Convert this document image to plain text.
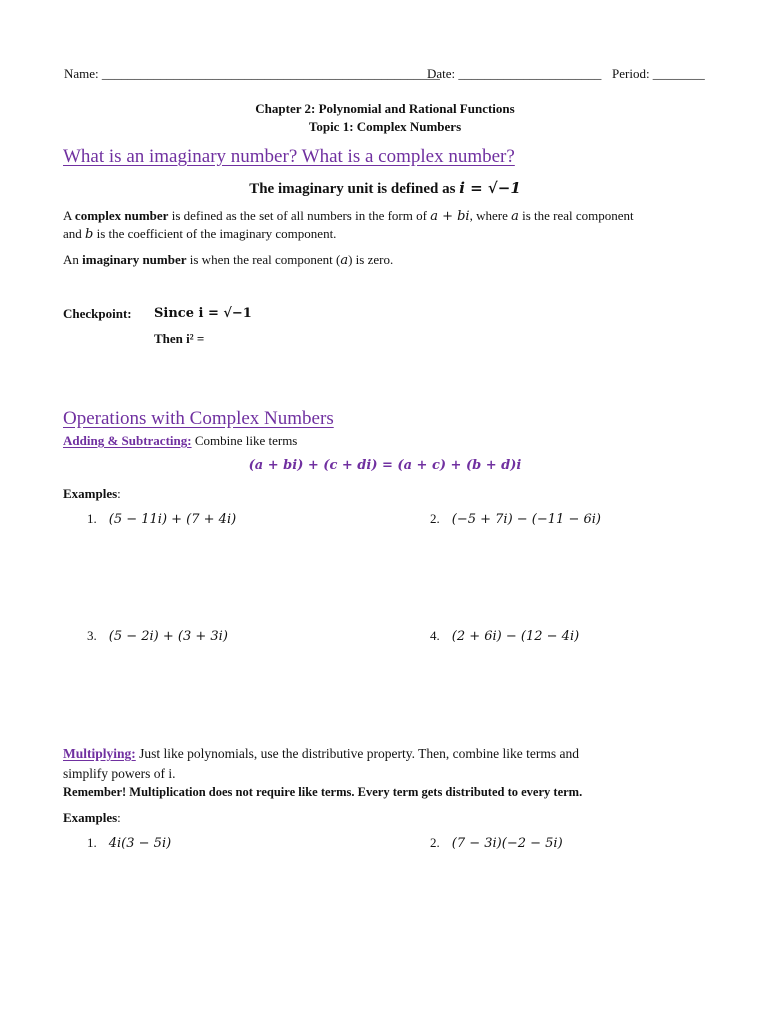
Name: ____________________________________________________
Date: ______________________ Period: ________
Chapter 2: Polynomial and Rational Functions
Topic 1: Complex Numbers
What is an imaginary number? What is a complex number?
The imaginary unit is defined as i = √−1
A complex number is defined as the set of all numbers in the form of a + bi, where a is the real component
and b is the coefficient of the imaginary component.
An imaginary number is when the real component (a) is zero.
Checkpoint: Since i = √−1
Then i² =
Operations with Complex Numbers
Adding & Subtracting: Combine like terms
(a + bi) + (c + di) = (a + c) + (b + d)i
Examples:
1. (5 − 11i) + (7 + 4i)	2. (−5 + 7i) − (−11 − 6i)
3. (5 − 2i) + (3 + 3i)	4. (2 + 6i) − (12 − 4i)
Multiplying: Just like polynomials, use the distributive property. Then, combine like terms and
simplify powers of i.
Remember! Multiplication does not require like terms. Every term gets distributed to every term.
Examples:
1. 4i(3 − 5i)	2. (7 − 3i)(−2 − 5i)
